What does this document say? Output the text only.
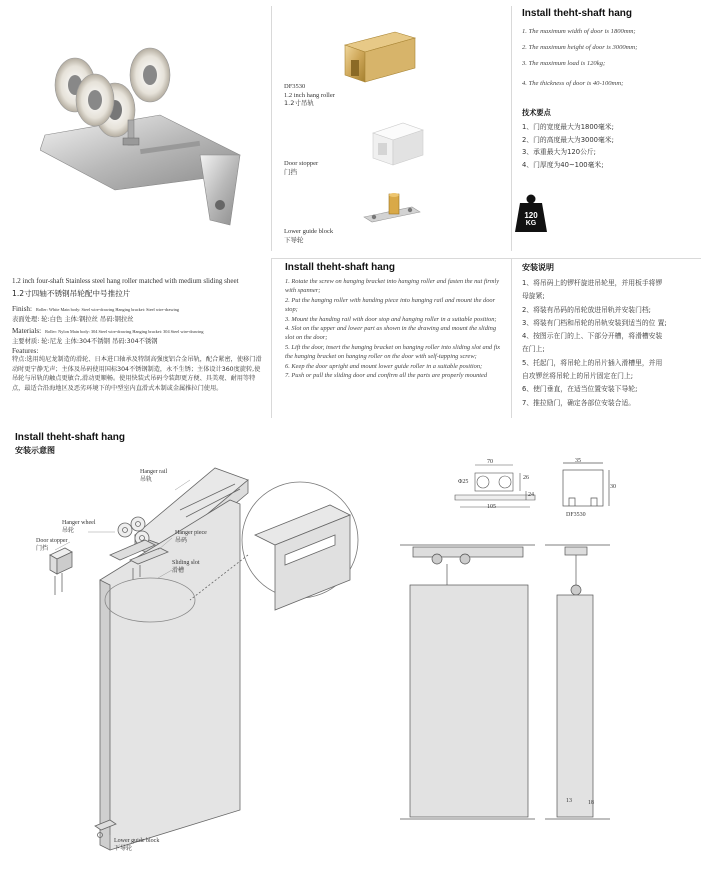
DF3530
1.2 inch hang roller
1.2寸吊轨
Door stopper
门挡
Lower guide block
下导轮
Install theht-shaft hang
1. The maximum width of door is 1800mm;
2. The maximum height of door is 3000mm;
3. The maximum load is 120kg;
4. The thickness of door is 40-100mm;
技术要点
1、门的宽度最大为1800毫米;
2、门的高度最大为3000毫米;
3、承重最大为120公斤;
4、门厚度为40~100毫米;
120
KG
1.2 inch four-shaft Stainless steel hang roller matched with medium sliding sheet
1.2寸四轴不锈钢吊轮配中号推拉片
Finish: Roller: White Main body: Steel wire-drawing Hanging bracket: Steel wire-drawing
表面处理: 轮:白色 主体:钢拉丝 吊码:钢拉丝
Materials: Roller: Nylon Main body: 304 Steel wire-drawing Hanging bracket: 304 Steel wire-drawing
主要材质: 轮:尼龙 主体:304不锈钢 吊码:304不锈钢
Features:
特点:选用纯尼龙制造的滑轮、日本进口轴承及特制高强度铝合金吊轨，配合紧密，使移门滑动时更宁静无声；主体及吊码使用国标304不锈钢制造，永不生锈；主体设计360度旋转,使吊轮与吊轨的触点更敏合,滑动更顺畅。使用快装式吊码令装卸更方便、具美观、耐用等特点，最适合沿海地区及恶劣环境下的中型室内直滑式木制或金属推拉门使用。
Install theht-shaft hang
1. Rotate the screw on hanging bracket into hanging roller and fasten the nut firmly with spanner;
2. Put the hanging roller with handing piece into hanging rail and mount the door stop;
3. Mount the handing rail with door stop and hanging roller in a suitable position;
4. Slot on the upper and lower part as shown in the drawing and mount the sliding slot on the door;
5. Lift the door, insert the hanging bracket on hanging roller into sliding slot and fix the hanging bracket on hanging roller on the door with self-tapping screw;
6. Keep the door upright and mount lower guide roller in a suitable position;
7. Push or pull the sliding door and confirm all the parts are properly mounted
安装说明
1、将吊码上的锣杆旋进吊轮里，并用板手将锣
母旋紧;
2、将装有吊码的吊轮放进吊轨并安装门档;
3、将装有门档和吊轮的吊轨安装到适当的位 置;
4、按图示在门的上、下部分开槽，将滑槽安装
在门上;
5、托起门，将吊轮上的吊片插入滑槽里，并用
自攻锣丝将吊轮上的吊片固定在门上;
6、使门垂直，在适当位置安装下导轮;
7、推拉励门，确定各部位安装合适。
Install theht-shaft hang
安装示意图
Hanger rail
吊轨
Hanger wheel
吊轮
Door stopper
门挡
Hanger piece
吊码
Sliding slot
滑槽
Lower guide block
下导轮
70
Φ25
26
24
105
35
30
DF3530
13	18
